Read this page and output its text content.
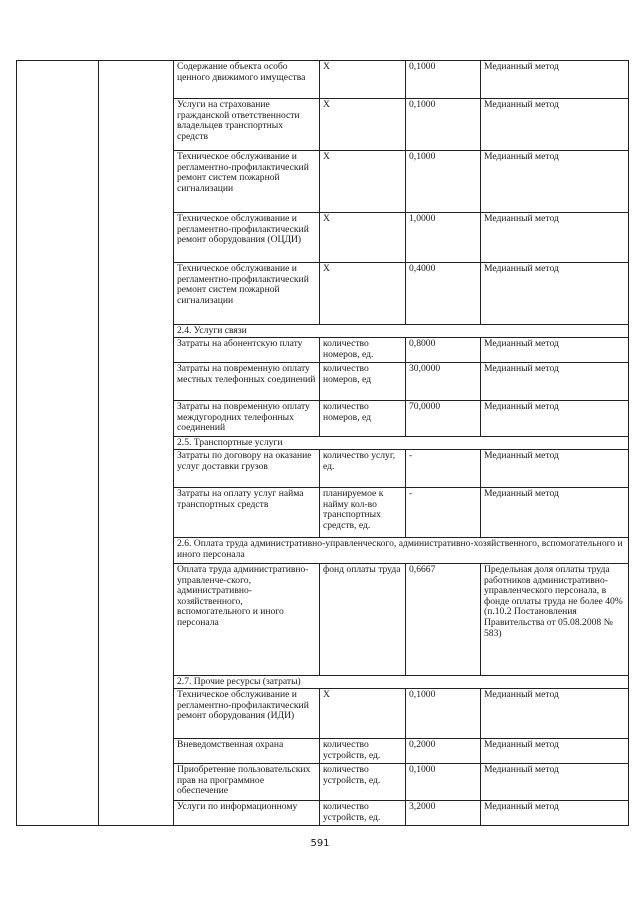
		Содержание объекта особо ценного движимого имущества	Х	0,1000	Медианный метод
		Услуги на страхование гражданской ответственности владельцев транспортных средств	Х	0,1000	Медианный метод
		Техническое обслуживание и регламентно-профилактический ремонт систем пожарной сигнализации	Х	0,1000	Медианный метод
		Техническое обслуживание и регламентно-профилактический ремонт оборудования (ОЦДИ)	Х	1,0000	Медианный метод
		Техническое обслуживание и регламентно-профилактический ремонт систем пожарной сигнализации	Х	0,4000	Медианный метод
		2.4. Услуги связи			
		Затраты на абонентскую плату	количество номеров, ед.	0,8000	Медианный метод
		Затраты на повременную оплату местных телефонных соединений	количество номеров, ед	30,0000	Медианный метод
		Затраты на повременную оплату междугородних телефонных соединений	количество номеров, ед	70,0000	Медианный метод
		2.5. Транспортные услуги			
		Затраты по договору на оказание услуг доставки грузов	количество услуг, ед.	-	Медианный метод
		Затраты на оплату услуг найма транспортных средств	планируемое к найму кол-во транспортных средств, ед.	-	Медианный метод
		2.6. Оплата труда административно-управленческого, административно-хозяйственного, вспомогательного и иного персонала			
		Оплата труда административно-управленче-ского, административно-хозяйственного, вспомогательного и иного персонала	фонд оплаты труда	0,6667	Предельная доля оплаты труда работников административно-управленческого персонала, в фонде оплаты труда не более 40% (п.10.2 Постановления Правительства от 05.08.2008 № 583)
		2.7. Прочие ресурсы (затраты)			
		Техническое обслуживание и регламентно-профилактический ремонт оборудования (ИДИ)	Х	0,1000	Медианный метод
		Вневедомственная охрана	количество устройств, ед.	0,2000	Медианный метод
		Приобретение пользовательских прав на программное обеспечение	количество устройств, ед.	0,1000	Медианный метод
		Услуги по информационному	количество устройств, ед.	3,2000	Медианный метод
591
